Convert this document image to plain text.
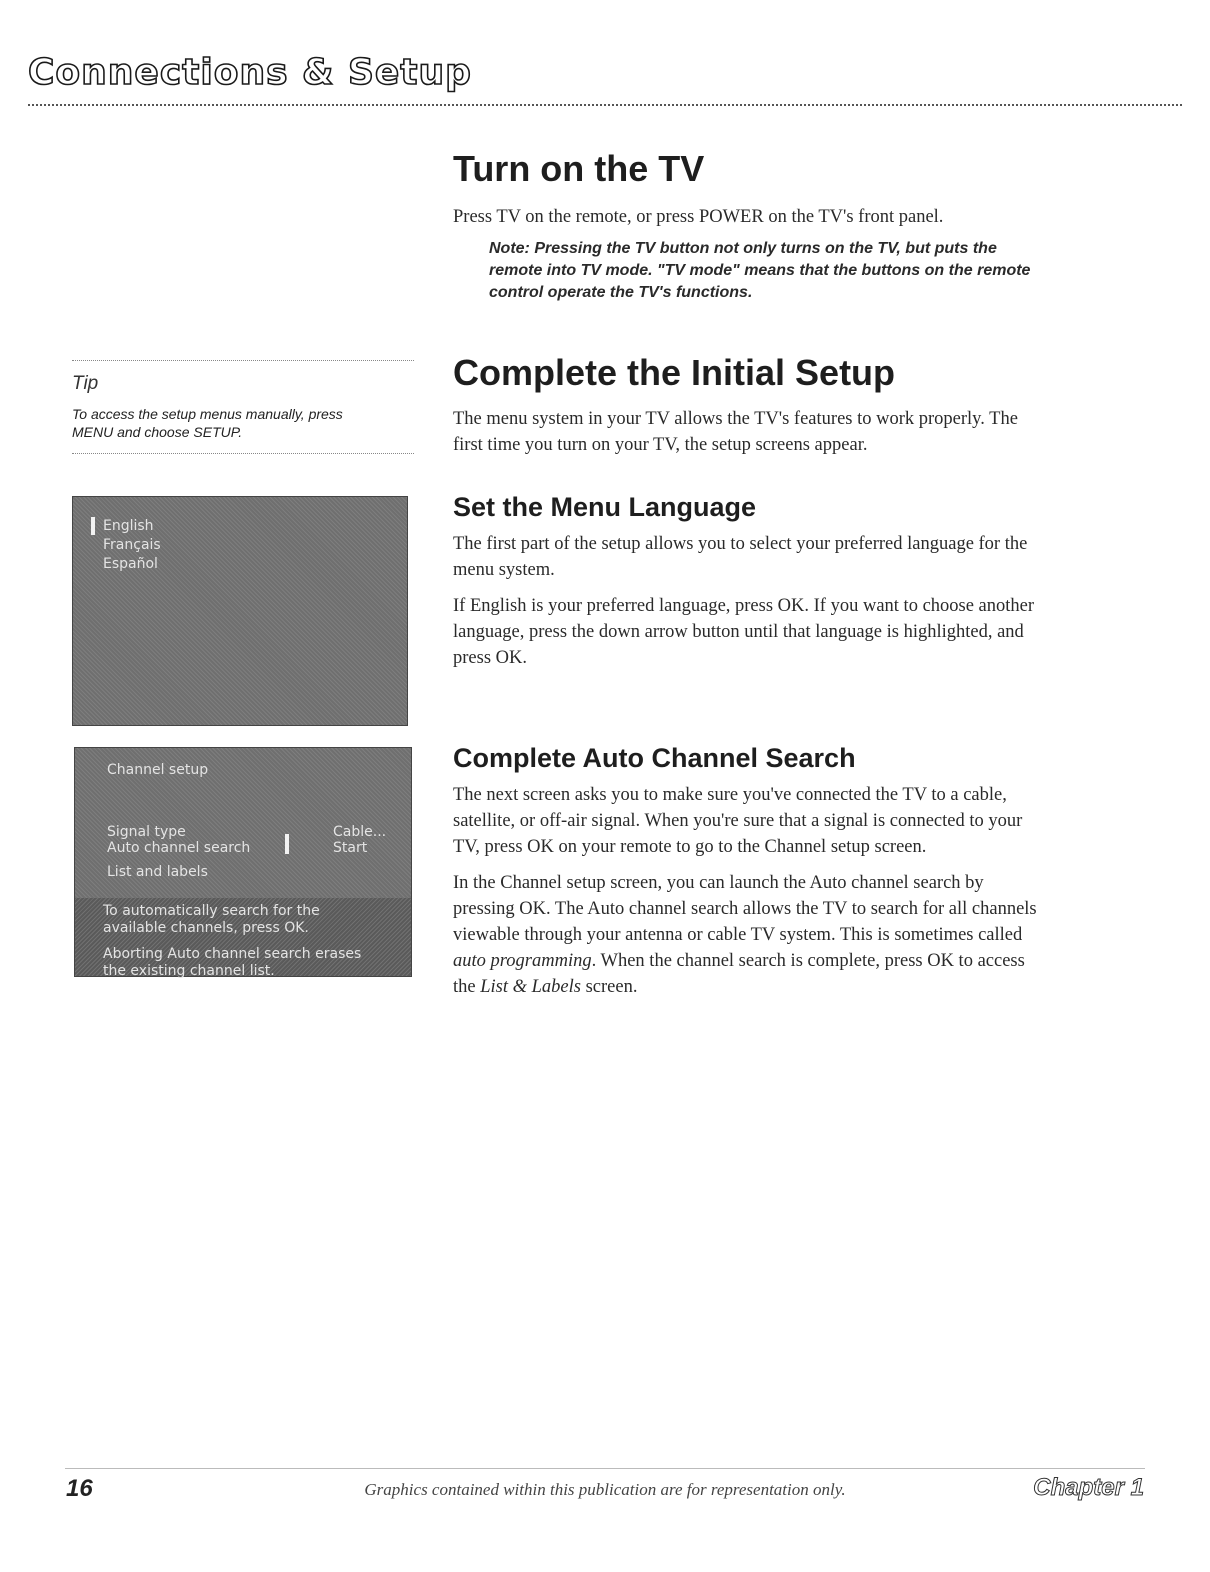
Connections & Setup
Turn on the TV

Press TV on the remote, or press POWER on the TV's front panel.

Note: Pressing the TV button not only turns on the TV, but puts the
remote into TV mode. "TV mode" means that the buttons on the remote
control operate the TV's functions.
Tip
To access the setup menus manually, press
MENU and choose SETUP.
Complete the Initial Setup
The menu system in your TV allows the TV's features to work properly. The
first time you turn on your TV, the setup screens appear.
Set the Menu Language
The first part of the setup allows you to select your preferred language for the
menu system.
If English is your preferred language, press OK. If you want to choose another
language, press the down arrow button until that language is highlighted, and
press OK.
English
Français
Español
Complete Auto Channel Search
The next screen asks you to make sure you've connected the TV to a cable,
satellite, or off-air signal. When you're sure that a signal is connected to your
TV, press OK on your remote to go to the Channel setup screen.
In the Channel setup screen, you can launch the Auto channel search by
pressing OK. The Auto channel search allows the TV to search for all channels
viewable through your antenna or cable TV system. This is sometimes called
auto programming. When the channel search is complete, press OK to access
the List & Labels screen.
Channel setup
Signal type	Cable...
Auto channel search	Start
List and labels
To automatically search for the
available channels, press OK.
Aborting Auto channel search erases
the existing channel list.
16	Graphics contained within this publication are for representation only.	Chapter 1
